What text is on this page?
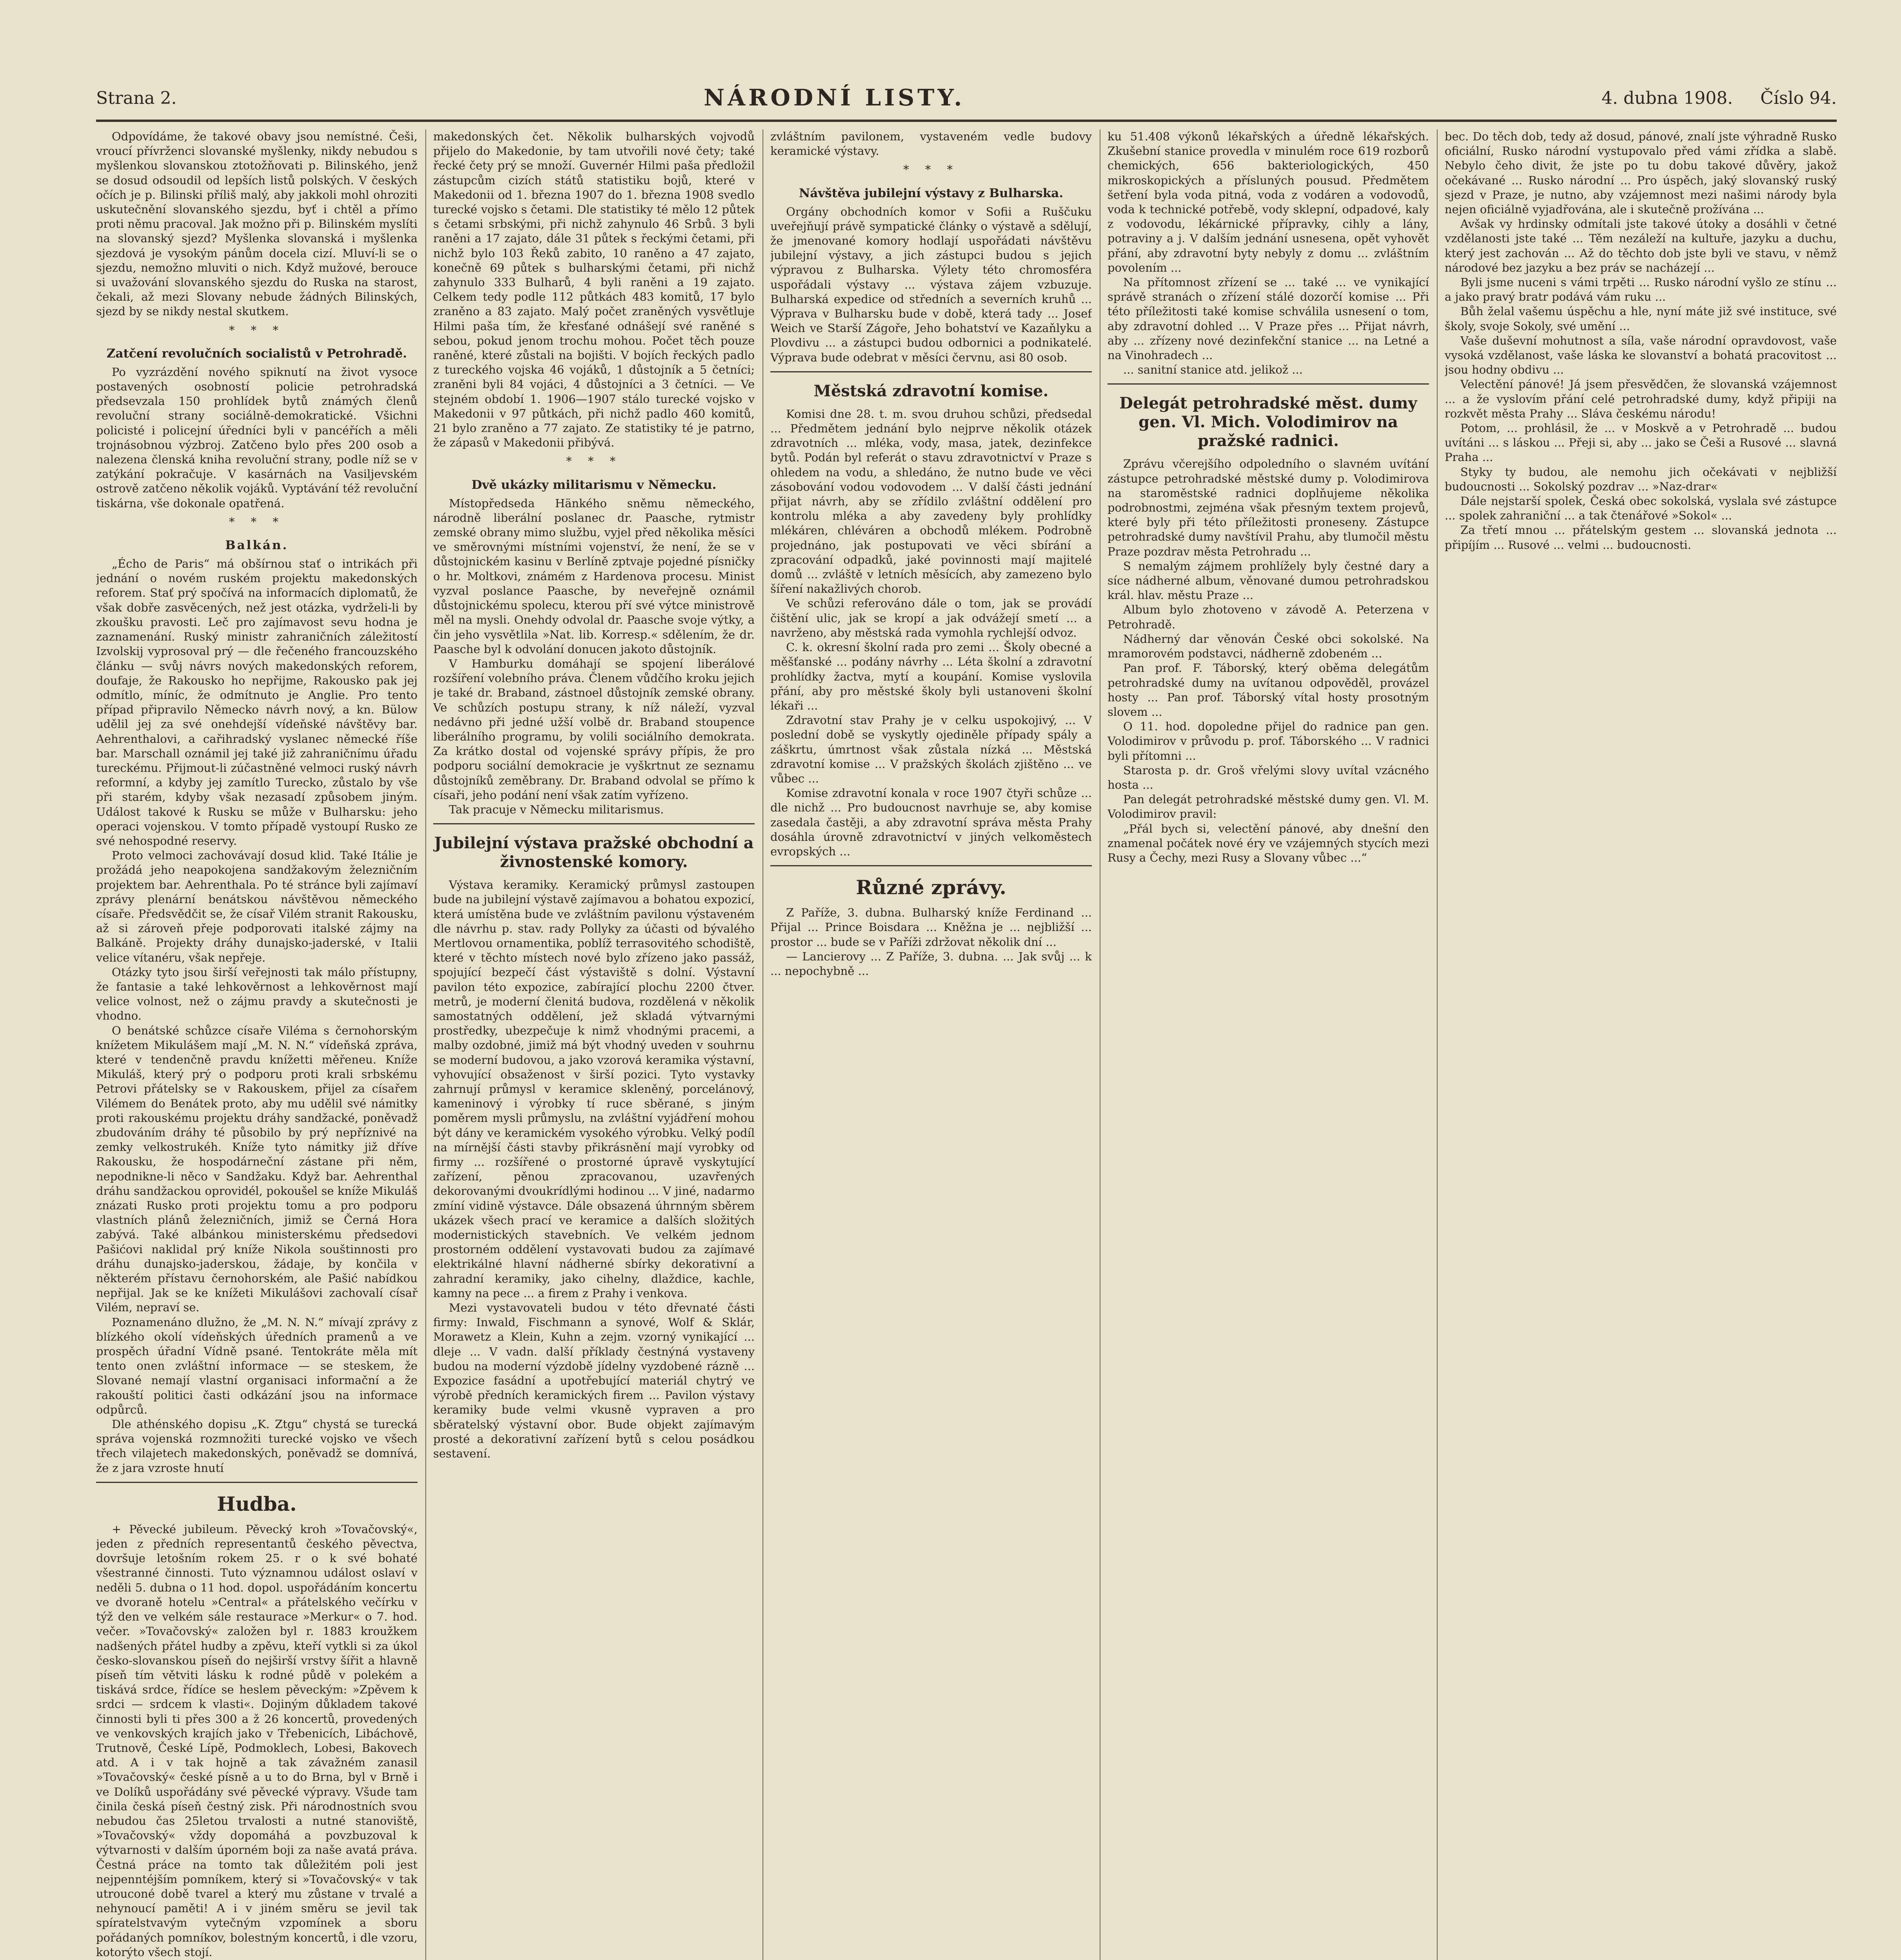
Strana 2.	NÁRODNÍ LISTY.	4. dubna 1908. Číslo 94.

Odpovídáme, že takové obavy jsou nemístné. Češi, vroucí přívrženci slovanské myšlenky, nikdy nebudou s myšlenkou slovanskou ztotožňovati p. Bilinského, jenž se dosud odsoudil od lepších listů polských. V českých očích je p. Bilinski příliš malý, aby jakkoli mohl ohroziti uskutečnění slovanského sjezdu, byť i chtěl a přímo proti němu pracoval. Jak možno při p. Bilinském myslíti na slovanský sjezd? Myšlenka slovanská i myšlenka sjezdová je vysokým pánům docela cizí. Mluví-li se o sjezdu, nemožno mluviti o nich. Když mužové, berouce si uvažování slovanského sjezdu do Ruska na starost, čekali, až mezi Slovany nebude žádných Bilinských, sjezd by se nikdy nestal skutkem.

* * *
Zatčení revolučních socialistů v Petrohradě.

Po vyzrázdění nového spiknutí na život vysoce postavených osobností policie petrohradská předsevzala 150 prohlídek bytů známých členů revoluční strany sociálně-demokratické. Všichni policisté i policejní úředníci byli v pancéřích a měli trojnásobnou výzbroj. Zatčeno bylo přes 200 osob a nalezena členská kniha revoluční strany, podle níž se v zatýkání pokračuje. V kasárnách na Vasiljevském ostrově zatčeno několik vojáků. Vyptávání též revoluční tiskárna, vše dokonale opatřená.

* * *
Balkán.

„Écho de Paris“ má obšírnou stať o intrikách při jednání o novém ruském projektu makedonských reforem. Stať prý spočívá na informacích diplomatů, že však dobře zasvěcených, než jest otázka, vydrželi-li by zkoušku pravosti. Leč pro zajímavost sevu hodna je zaznamenání. Ruský ministr zahraničních záležitostí Izvolskij vyprosoval prý — dle řečeného francouzského článku — svůj návrs nových makedonských reforem, doufaje, že Rakousko ho nepřijme, Rakousko pak jej odmítlo, míníc, že odmítnuto je Anglie. Pro tento případ připravilo Německo návrh nový, a kn. Bülow udělil jej za své onehdejší vídeňské návštěvy bar. Aehrenthalovi, a cařihradský vyslanec německé říše bar. Marschall oznámil jej také již zahraničnímu úřadu tureckému. Přijmout-li zúčastněné velmoci ruský návrh reformní, a kdyby jej zamítlo Turecko, zůstalo by vše při starém, kdyby však nezasadí způsobem jiným. Událost takové k Rusku se může v Bulharsku: jeho operaci vojenskou. V tomto případě vystoupí Rusko ze své nehospodné reservy.

Proto velmoci zachovávají dosud klid. Také Itálie je prožádá jeho neapokojena sandžakovým železničním projektem bar. Aehrenthala. Po té stránce byli zajímaví zprávy plenární benátskou návštěvou německého císaře. Předsvědčit se, že císař Vilém stranit Rakousku, až si zároveň přeje podporovati italské zájmy na Balkáně. Projekty dráhy dunajsko-jaderské, v Italii velice vítanéru, však nepřeje.

Otázky tyto jsou širší veřejnosti tak málo přístupny, že fantasie a také lehkověrnost a lehkověrnost mají velice volnost, než o zájmu pravdy a skutečnosti je vhodno.

O benátské schůzce císaře Viléma s černohorským knížetem Mikulášem mají „M. N. N.“ vídeňská zpráva, které v tendenčně pravdu knížetti měřeneu. Kníže Mikuláš, který prý o podporu proti krali srbskému Petrovi přátelsky se v Rakouskem, přijel za císařem Vilémem do Benátek proto, aby mu udělil své námitky proti rakouskému projektu dráhy sandžacké, poněvadž zbudováním dráhy té působilo by prý nepříznivé na zemky velkostrukéh. Kníže tyto námitky již dříve Rakousku, že hospodárneční zástane při něm, nepodnikne-li něco v Sandžaku. Když bar. Aehrenthal dráhu sandžackou oprovidél, pokoušel se kníže Mikuláš znázati Rusko proti projektu tomu a pro podporu vlastních plánů železničních, jimiž se Černá Hora zabývá. Také albánkou ministerskému předsedovi Pašićovi naklidal prý kníže Nikola souštinnosti pro dráhu dunajsko-jaderskou, žádaje, by končila v některém přístavu černohorském, ale Pašić nabídkou nepřijal. Jak se ke knížeti Mikulášovi zachovalí císař Vilém, nepraví se.

Poznamenáno dlužno, že „M. N. N.“ mívají zprávy z blízkého okolí vídeňských úředních pramenů a ve prospěch úřadní Vídně psané. Tentokráte měla mít tento onen zvláštní informace — se steskem, že Slované nemají vlastní organisaci informační a že rakouští politici časti odkázání jsou na informace odpůrců.

Dle athénského dopisu „K. Ztgu“ chystá se turecká správa vojenská rozmnožiti turecké vojsko ve všech třech vilajetech makedonských, poněvadž se domnívá, že z jara vzroste hnutí

Hudba.

+ Pěvecké jubileum. Pěvecký kroh »Tovačovský«, jeden z předních representantů českého pěvectva, dovršuje letošním rokem 25. r o k své bohaté všestranné činnosti. Tuto významnou událost oslaví v neděli 5. dubna o 11 hod. dopol. uspořádáním koncertu ve dvoraně hotelu »Central« a přátelského večírku v týž den ve velkém sále restaurace »Merkur« o 7. hod. večer. »Tovačovský« založen byl r. 1883 kroužkem nadšených přátel hudby a zpěvu, kteří vytkli si za úkol česko-slovanskou píseň do nejširší vrstvy šířit a hlavně píseň tím větviti lásku k rodné půdě v polekém a tiskává srdce, řídíce se heslem pěveckým: »Zpěvem k srdci — srdcem k vlasti«. Dojiným důkladem takové činnosti byli ti přes 300 a ž 26 koncertů, provedených ve venkovských krajích jako v Třebenicích, Libáchově, Trutnově, České Lípě, Podmoklech, Lobesi, Bakovech atd. A i v tak hojně a tak závažném zanasil »Tovačovský« české písně a u to do Brna, byl v Brně i ve Dolíků uspořádány své pěvecké výpravy. Všude tam činila česká píseň čestný zisk. Při národnostních svou nebudou čas 25letou trvalosti a nutné stanoviště, »Tovačovský« vždy dopomáhá a povzbuzoval k výtvarnosti v dalším úporném boji za naše avatá práva. Čestná práce na tomto tak důležitém poli jest nejpenntéjším pomníkem, který si »Tovačovský« v tak utrouconé době tvarel a který mu zůstane v trvalé a nehynoucí paměti! A i v jiném směru se jevil tak spíratelstvavým vytečným vzpomínek a sboru pořádaných pomníkov, bolestným koncertů, i dle vzoru, kotorýto všech stojí.

makedonských čet. Několik bulharských vojvodů přijelo do Makedonie, by tam utvořili nové čety; také řecké čety prý se množí. Guvernér Hilmi paša předložil zástupcům cizích států statistiku bojů, které v Makedonii od 1. března 1907 do 1. března 1908 svedlo turecké vojsko s četami. Dle statistiky té mělo 12 půtek s četami srbskými, při nichž zahynulo 46 Srbů. 3 byli raněni a 17 zajato, dále 31 půtek s řeckými četami, při nichž bylo 103 Řeků zabito, 10 raněno a 47 zajato, konečně 69 půtek s bulharskými četami, při nichž zahynulo 333 Bulharů, 4 byli raněni a 19 zajato. Celkem tedy podle 112 půtkách 483 komitů, 17 bylo zraněno a 83 zajato. Malý počet zraněných vysvětluje Hilmi paša tím, že křesťané odnášejí své raněné s sebou, pokud jenom trochu mohou. Počet těch pouze raněné, které zůstali na bojišti. V bojích řeckých padlo z tureckého vojska 46 vojáků, 1 důstojník a 5 četníci; zraněni byli 84 vojáci, 4 důstojníci a 3 četníci. — Ve stejném období 1. 1906—1907 stálo turecké vojsko v Makedonii v 97 půtkách, při nichž padlo 460 komitů, 21 bylo zraněno a 77 zajato. Ze statistiky té je patrno, že zápasů v Makedonii přibývá.

* * *
Dvě ukázky militarismu v Německu.

Místopředseda Hänkého sněmu německého, národně liberální poslanec dr. Paasche, rytmistr zemské obrany mimo službu, vyjel před několika měsíci ve směrovnými místními vojenství, že není, že se v důstojnickém kasinu v Berlíně zptvaje pojedné písničky o hr. Moltkovi, známém z Hardenova procesu. Minist vyzval poslance Paasche, by neveřejně oznámil důstojnickému spolecu, kterou pří své výtce ministrově měl na mysli. Onehdy odvolal dr. Paasche svoje výtky, a čin jeho vysvětlila »Nat. lib. Korresp.« sdělením, že dr. Paasche byl k odvolání donucen jakoto důstojník.

V Hamburku domáhají se spojení liberálové rozšíření volebního práva. Členem vůdčího kroku jejich je také dr. Braband, zástnoel důstojník zemské obrany. Ve schůzích postupu strany, k níž náleží, vyzval nedávno při jedné užší volbě dr. Braband stoupence liberálního programu, by volili sociálního demokrata. Za krátko dostal od vojenské správy přípis, že pro podporu sociální demokracie je vyškrtnut ze seznamu důstojníků zeměbrany. Dr. Braband odvolal se přímo k císaři, jeho podání není však zatím vyřízeno.

Tak pracuje v Německu militarismus.

Jubilejní výstava pražské obchodní a živnostenské komory.

Výstava keramiky. Keramický průmysl zastoupen bude na jubilejní výstavě zajímavou a bohatou expozicí, která umístěna bude ve zvláštním pavilonu výstaveném dle návrhu p. stav. rady Pollyky za účasti od bývalého Mertlovou ornamentika, poblíž terrasovitého schodiště, které v těchto místech nové bylo zřízeno jako passáž, spojující bezpečí část výstaviště s dolní. Výstavní pavilon této expozice, zabírající plochu 2200 čtver. metrů, je moderní členitá budova, rozdělená v několik samostatných oddělení, jež skladá výtvarnými prostředky, ubezpečuje k nimž vhodnými pracemi, a malby ozdobné, jimiž má být vhodný uveden v souhrnu se moderní budovou, a jako vzorová keramika výstavní, vyhovující obsaženost v širší pozici. Tyto vystavky zahrnují průmysl v keramice skleněný, porcelánový, kameninový i výrobky tí ruce sběrané, s jiným poměrem mysli průmyslu, na zvláštní vyjádření mohou být dány ve keramickém vysokého výrobku. Velký podíl na mírnější části stavby přikrásnění mají vyrobky od firmy ... rozšířené o prostorné úpravě vyskytující zařízení, pěnou zpracovanou, uzavřených dekorovanými dvoukrídlými hodinou ... V jiné, nadarmo zmíní vidině výstavce. Dále obsazená úhrnným sběrem ukázek všech prací ve keramice a dalších složitých modernistických stavebních. Ve velkém jednom prostorném oddělení vystavovati budou za zajímavé elektrikálné hlavní nádherné sbírky dekorativní a zahradní keramiky, jako cihelny, dlaždice, kachle, kamny na pece ... a firem z Prahy i venkova.

Mezi vystavovateli budou v této dřevnaté části firmy: Inwald, Fischmann a synové, Wolf & Sklár, Morawetz a Klein, Kuhn a zejm. vzorný vynikající ... dleje ... V vadn. další příklady čestnýná vystaveny budou na moderní výzdobě jídelny vyzdobené rázně ... Expozice fasádní a upotřebující materiál chytrý ve výrobě předních keramických firem ... Pavilon výstavy keramiky bude velmi vkusně vypraven a pro sběratelský výstavní obor. Bude objekt zajímavým prosté a dekorativní zařízení bytů s celou posádkou sestavení.

zvláštním pavilonem, vystaveném vedle budovy keramické výstavy.

* * *
Návštěva jubilejní výstavy z Bulharska.

Orgány obchodních komor v Sofii a Ruščuku uveřejňují právě sympatické články o výstavě a sdělují, že jmenované komory hodlají uspořádati návštěvu jubilejní výstavy, a jich zástupci budou s jejich výpravou z Bulharska. Výlety této chromosféra uspořádali výstavy ... výstava zájem vzbuzuje. Bulharská expedice od středních a severních kruhů ... Výprava v Bulharsku bude v době, která tady ... Josef Weich ve Starší Zágoře, Jeho bohatství ve Kazaňlyku a Plovdivu ... a zástupci budou odbornici a podnikatelé. Výprava bude odebrat v měsíci červnu, asi 80 osob.

Městská zdravotní komise.

Komisi dne 28. t. m. svou druhou schůzi, předsedal ... Předmětem jednání bylo nejprve několik otázek zdravotních ... mléka, vody, masa, jatek, dezinfekce bytů. Podán byl referát o stavu zdravotnictví v Praze s ohledem na vodu, a shledáno, že nutno bude ve věci zásobování vodou vodovodem ... V další části jednání přijat návrh, aby se zřídilo zvláštní oddělení pro kontrolu mléka a aby zavedeny byly prohlídky mlékáren, chléváren a obchodů mlékem. Podrobně projednáno, jak postupovati ve věci sbírání a zpracování odpadků, jaké povinnosti mají majitelé domů ... zvláště v letních měsících, aby zamezeno bylo šíření nakažlivých chorob.

Ve schůzi referováno dále o tom, jak se provádí čištění ulic, jak se kropí a jak odvážejí smetí ... a navrženo, aby městská rada vymohla rychlejší odvoz.

C. k. okresní školní rada pro zemi ... Školy obecné a měšťanské ... podány návrhy ... Léta školní a zdravotní prohlídky žactva, mytí a koupání. Komise vyslovila přání, aby pro městské školy byli ustanoveni školní lékaři ...

Zdravotní stav Prahy je v celku uspokojivý, ... V poslední době se vyskytly ojediněle případy spály a záškrtu, úmrtnost však zůstala nízká ... Městská zdravotní komise ... V pražských školách zjištěno ... ve vůbec ...

Komise zdravotní konala v roce 1907 čtyři schůze ... dle nichž ... Pro budoucnost navrhuje se, aby komise zasedala častěji, a aby zdravotní správa města Prahy dosáhla úrovně zdravotnictví v jiných velkoměstech evropských ...

Různé zprávy.

Z Paříže, 3. dubna. Bulharský kníže Ferdinand ... Přijal ... Prince Boisdara ... Kněžna je ... nejbližší ... prostor ... bude se v Paříži zdržovat několik dní ...

— Lancierovy ... Z Paříže, 3. dubna. ... Jak svůj ... k ... nepochybně ...

ku 51.408 výkonů lékařských a úředně lékařských. Zkušební stanice provedla v minulém roce 619 rozborů chemických, 656 bakteriologických, 450 mikroskopických a přísluných pousud. Předmětem šetření byla voda pitná, voda z vodáren a vodovodů, voda k technické potřebě, vody sklepní, odpadové, kaly z vodovodu, lékárnické přípravky, cihly a lány, potraviny a j. V dalším jednání usnesena, opět vyhovět přání, aby zdravotní byty nebyly z domu ... zvláštním povolením ...

Na přítomnost zřízení se ... také ... ve vynikající správě stranách o zřízení stálé dozorčí komise ... Při této příležitosti také komise schválila usnesení o tom, aby zdravotní dohled ... V Praze přes ... Přijat návrh, aby ... zřízeny nové dezinfekční stanice ... na Letné a na Vinohradech ...

... sanitní stanice atd. jelikož ...

Delegát petrohradské měst. dumy gen. Vl. Mich. Volodimirov na pražské radnici.

Zprávu včerejšího odpoledního o slavném uvítání zástupce petrohradské městské dumy p. Volodimirova na staroměstské radnici doplňujeme několika podrobnostmi, zejména však přesným textem projevů, které byly při této příležitosti proneseny. Zástupce petrohradské dumy navštívil Prahu, aby tlumočil městu Praze pozdrav města Petrohradu ...

S nemalým zájmem prohlížely byly čestné dary a síce nádherné album, věnované dumou petrohradskou král. hlav. městu Praze ...

Album bylo zhotoveno v závodě A. Peterzena v Petrohradě.

Nádherný dar věnován České obci sokolské. Na mramorovém podstavci, nádherně zdobeném ...

Pan prof. F. Táborský, který oběma delegátům petrohradské dumy na uvítanou odpověděl, provázel hosty ... Pan prof. Táborský vítal hosty prosotným slovem ...

O 11. hod. dopoledne přijel do radnice pan gen. Volodimirov v průvodu p. prof. Táborského ... V radnici byli přítomni ...

Starosta p. dr. Groš vřelými slovy uvítal vzácného hosta ...

Pan delegát petrohradské městské dumy gen. Vl. M. Volodimirov pravil:

„Přál bych si, velectění pánové, aby dnešní den znamenal počátek nové éry ve vzájemných stycích mezi Rusy a Čechy, mezi Rusy a Slovany vůbec ...“

bec. Do těch dob, tedy až dosud, pánové, znalí jste výhradně Rusko oficiální, Rusko národní vystupovalo před vámi zřídka a slabě. Nebylo čeho divit, že jste po tu dobu takové důvěry, jakož očekávané ... Rusko národní ... Pro úspěch, jaký slovanský ruský sjezd v Praze, je nutno, aby vzájemnost mezi našimi národy byla nejen oficiálně vyjadřována, ale i skutečně prožívána ...

Avšak vy hrdinsky odmítali jste takové útoky a dosáhli v četné vzdělanosti jste také ... Těm nezáleží na kultuře, jazyku a duchu, který jest zachován ... Až do těchto dob jste byli ve stavu, v němž národové bez jazyku a bez práv se nacházejí ...

Byli jsme nuceni s vámi trpěti ... Rusko národní vyšlo ze stínu ... a jako pravý bratr podává vám ruku ...

Bůh želal vašemu úspěchu a hle, nyní máte již své instituce, své školy, svoje Sokoly, své umění ...

Vaše duševní mohutnost a síla, vaše národní opravdovost, vaše vysoká vzdělanost, vaše láska ke slovanství a bohatá pracovitost ... jsou hodny obdivu ...

Velectění pánové! Já jsem přesvědčen, že slovanská vzájemnost ... a že vyslovím přání celé petrohradské dumy, když připiji na rozkvět města Prahy ... Sláva českému národu!

Potom, ... prohlásil, že ... v Moskvě a v Petrohradě ... budou uvítáni ... s láskou ... Přeji si, aby ... jako se Češi a Rusové ... slavná Praha ...

Styky ty budou, ale nemohu jich očekávati v nejbližší budoucnosti ... Sokolský pozdrav ... »Naz-drar«

Dále nejstarší spolek, Česká obec sokolská, vyslala své zástupce ... spolek zahraniční ... a tak čtenářové »Sokol« ...

Za třetí mnou ... přátelským gestem ... slovanská jednota ... připíjím ... Rusové ... velmi ... budoucnosti.
